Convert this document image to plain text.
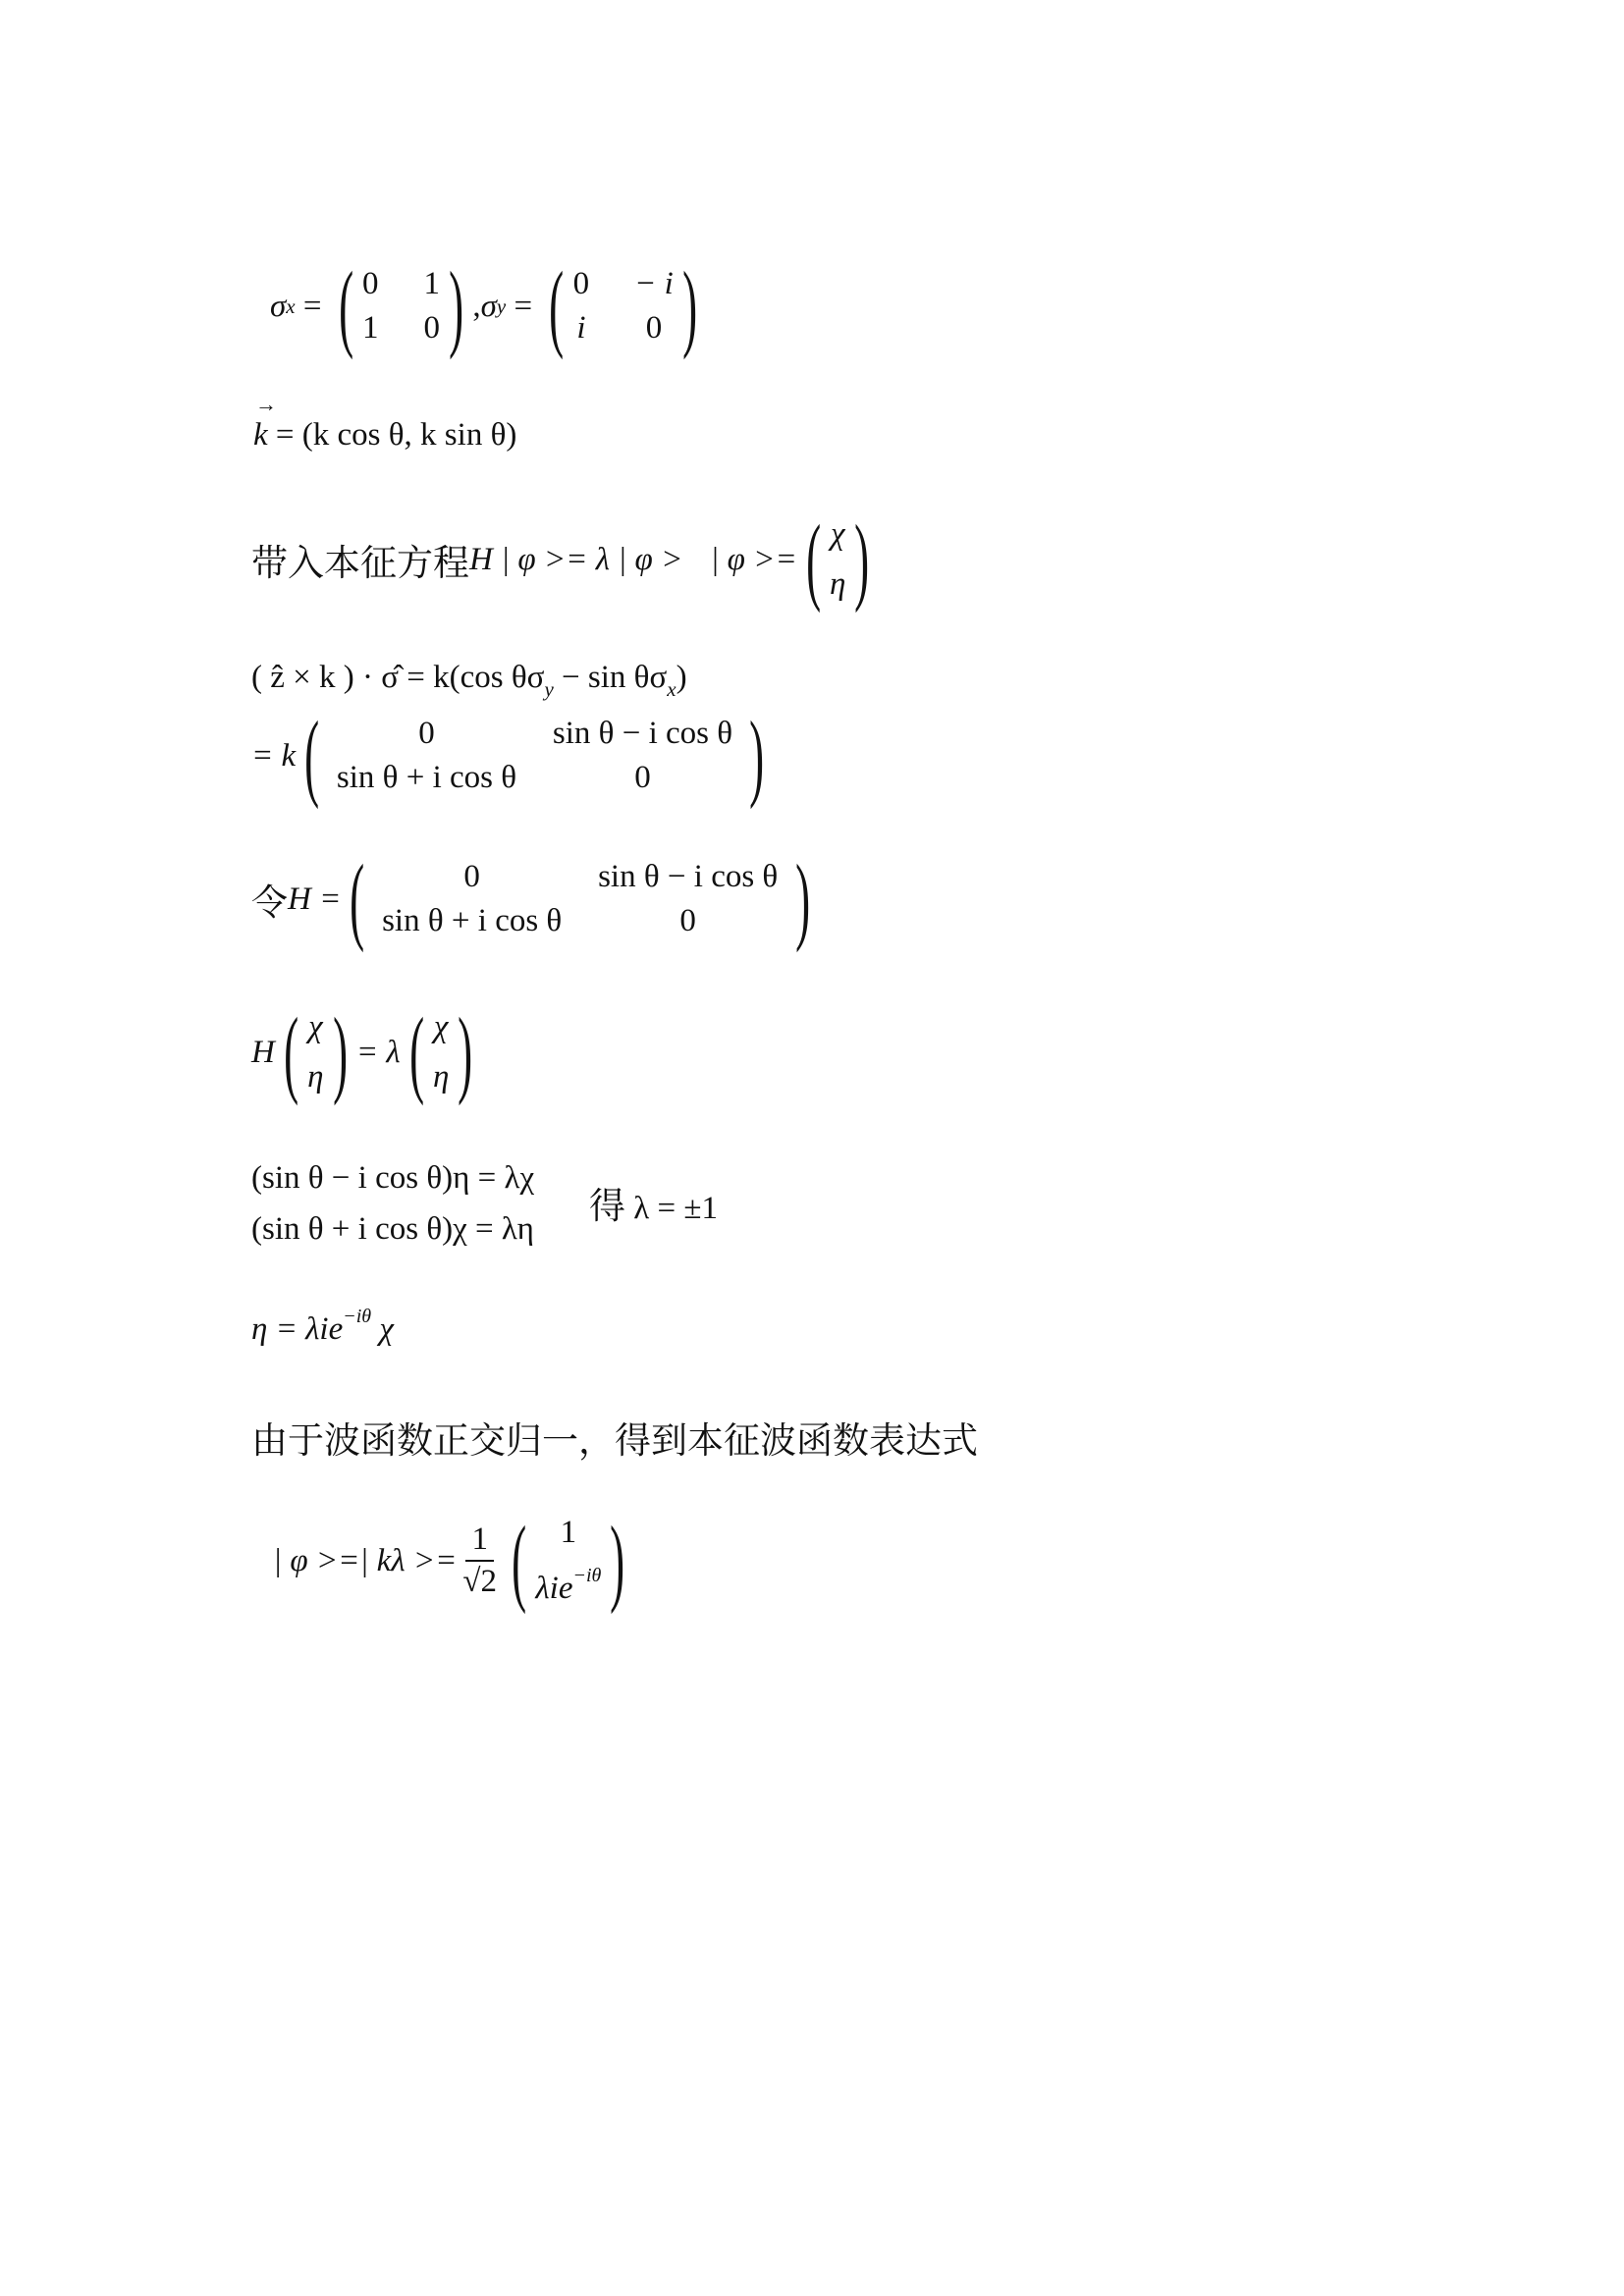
σ x = ( 0 1
1 0 ) , σ y = ( 0 − i
i	0 )
k → = (k cos θ, k sin θ)
带入本征方程 H | φ >= λ | φ > | φ >= ( χ
η )
( ẑ × k ) · σ̂ = k(cos $\theta\sigma_y - \sin \theta\sigma_x$)
= k (	0	sin θ − i cos θ
sin θ + i cos θ	0	)
令 H = (	0	sin θ − i cos θ
sin θ + i cos θ	0	)
H ( χ
η ) = λ ( χ
η )
(sin θ − i cos θ)η = λχ
(sin θ + i cos θ)χ = λη
得 λ = ±1
η = λie$^{-i\theta}$ χ
由于波函数正交归一，得到本征波函数表达式
| φ >=| $k\lambda >= \frac{1}{√2}$ (	1
λie$^{-i\theta}$ )
